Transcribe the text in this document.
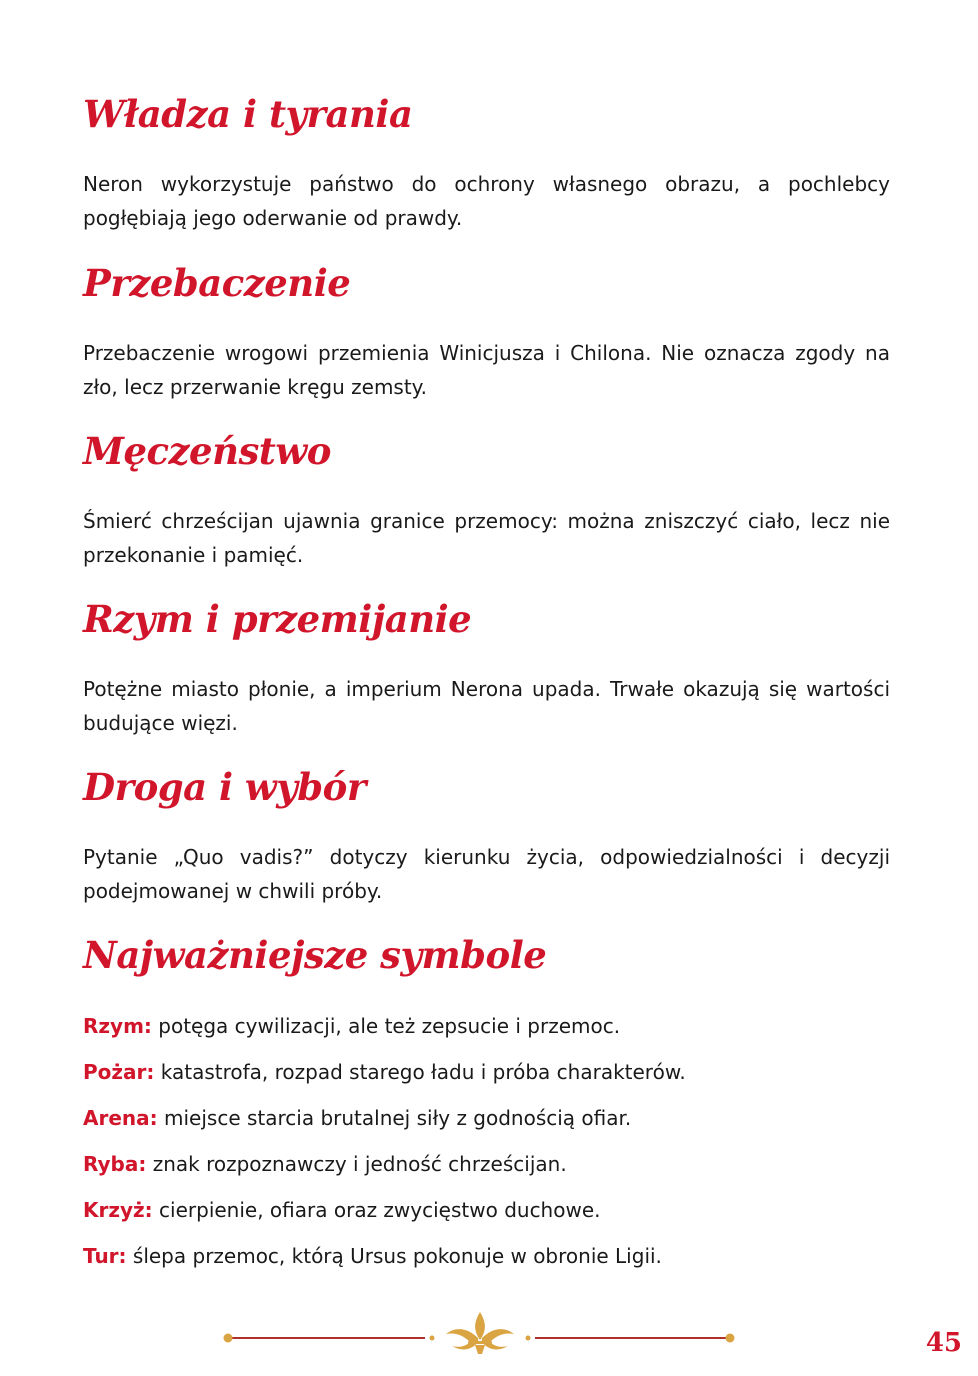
Władza i tyrania

Neron wykorzystuje państwo do ochrony własnego obrazu, a pochlebcy pogłębiają jego oderwanie od prawdy.

Przebaczenie

Przebaczenie wrogowi przemienia Winicjusza i Chilona. Nie oznacza zgody na zło, lecz przerwanie kręgu zemsty.

Męczeństwo

Śmierć chrześcijan ujawnia granice przemocy: można zniszczyć ciało, lecz nie przekonanie i pamięć.

Rzym i przemijanie

Potężne miasto płonie, a imperium Nerona upada. Trwałe okazują się wartości budujące więzi.

Droga i wybór

Pytanie „Quo vadis?” dotyczy kierunku życia, odpowiedzialności i decyzji podejmowanej w chwili próby.

Najważniejsze symbole
Rzym: potęga cywilizacji, ale też zepsucie i przemoc.
Pożar: katastrofa, rozpad starego ładu i próba charakterów.
Arena: miejsce starcia brutalnej siły z godnością ofiar.
Ryba: znak rozpoznawczy i jedność chrześcijan.
Krzyż: cierpienie, ofiara oraz zwycięstwo duchowe.
Tur: ślepa przemoc, którą Ursus pokonuje w obronie Ligii.
45
